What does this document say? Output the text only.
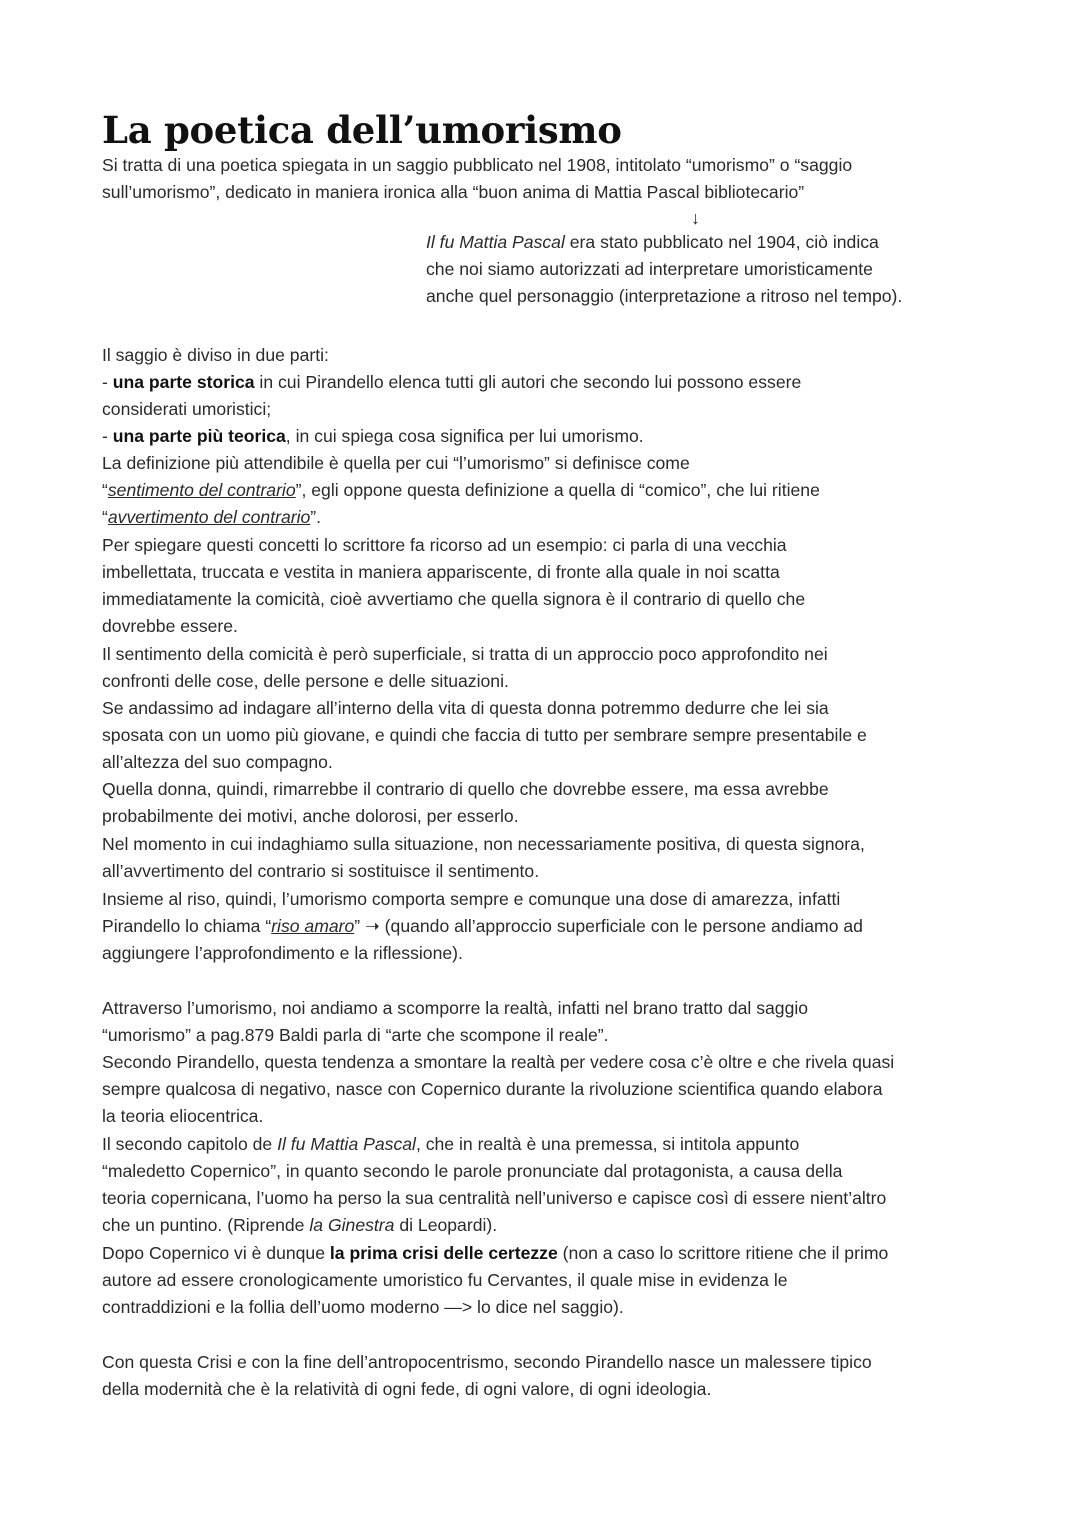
La poetica dell’umorismo

Si tratta di una poetica spiegata in un saggio pubblicato nel 1908, intitolato “umorismo” o “saggio

sull’umorismo”, dedicato in maniera ironica alla “buon anima di Mattia Pascal bibliotecario”

↓

Il fu Mattia Pascal era stato pubblicato nel 1904, ciò indica

che noi siamo autorizzati ad interpretare umoristicamente

anche quel personaggio (interpretazione a ritroso nel tempo).

Il saggio è diviso in due parti:

- una parte storica in cui Pirandello elenca tutti gli autori che secondo lui possono essere

considerati umoristici;

- una parte più teorica, in cui spiega cosa significa per lui umorismo.

La definizione più attendibile è quella per cui “l’umorismo” si definisce come

“sentimento del contrario”, egli oppone questa definizione a quella di “comico”, che lui ritiene

“avvertimento del contrario”.

Per spiegare questi concetti lo scrittore fa ricorso ad un esempio: ci parla di una vecchia

imbellettata, truccata e vestita in maniera appariscente, di fronte alla quale in noi scatta

immediatamente la comicità, cioè avvertiamo che quella signora è il contrario di quello che

dovrebbe essere.

Il sentimento della comicità è però superficiale, si tratta di un approccio poco approfondito nei

confronti delle cose, delle persone e delle situazioni.

Se andassimo ad indagare all’interno della vita di questa donna potremmo dedurre che lei sia

sposata con un uomo più giovane, e quindi che faccia di tutto per sembrare sempre presentabile e

all’altezza del suo compagno.

Quella donna, quindi, rimarrebbe il contrario di quello che dovrebbe essere, ma essa avrebbe

probabilmente dei motivi, anche dolorosi, per esserlo.

Nel momento in cui indaghiamo sulla situazione, non necessariamente positiva, di questa signora,

all’avvertimento del contrario si sostituisce il sentimento.

Insieme al riso, quindi, l’umorismo comporta sempre e comunque una dose di amarezza, infatti

Pirandello lo chiama “riso amaro” ➝ (quando all’approccio superficiale con le persone andiamo ad

aggiungere l’approfondimento e la riflessione).

Attraverso l’umorismo, noi andiamo a scomporre la realtà, infatti nel brano tratto dal saggio

“umorismo” a pag.879 Baldi parla di “arte che scompone il reale”.

Secondo Pirandello, questa tendenza a smontare la realtà per vedere cosa c’è oltre e che rivela quasi

sempre qualcosa di negativo, nasce con Copernico durante la rivoluzione scientifica quando elabora

la teoria eliocentrica.

Il secondo capitolo de Il fu Mattia Pascal, che in realtà è una premessa, si intitola appunto

“maledetto Copernico”, in quanto secondo le parole pronunciate dal protagonista, a causa della

teoria copernicana, l’uomo ha perso la sua centralità nell’universo e capisce così di essere nient’altro

che un puntino. (Riprende la Ginestra di Leopardi).

Dopo Copernico vi è dunque la prima crisi delle certezze (non a caso lo scrittore ritiene che il primo

autore ad essere cronologicamente umoristico fu Cervantes, il quale mise in evidenza le

contraddizioni e la follia dell’uomo moderno —> lo dice nel saggio).

Con questa Crisi e con la fine dell’antropocentrismo, secondo Pirandello nasce un malessere tipico

della modernità che è la relatività di ogni fede, di ogni valore, di ogni ideologia.
